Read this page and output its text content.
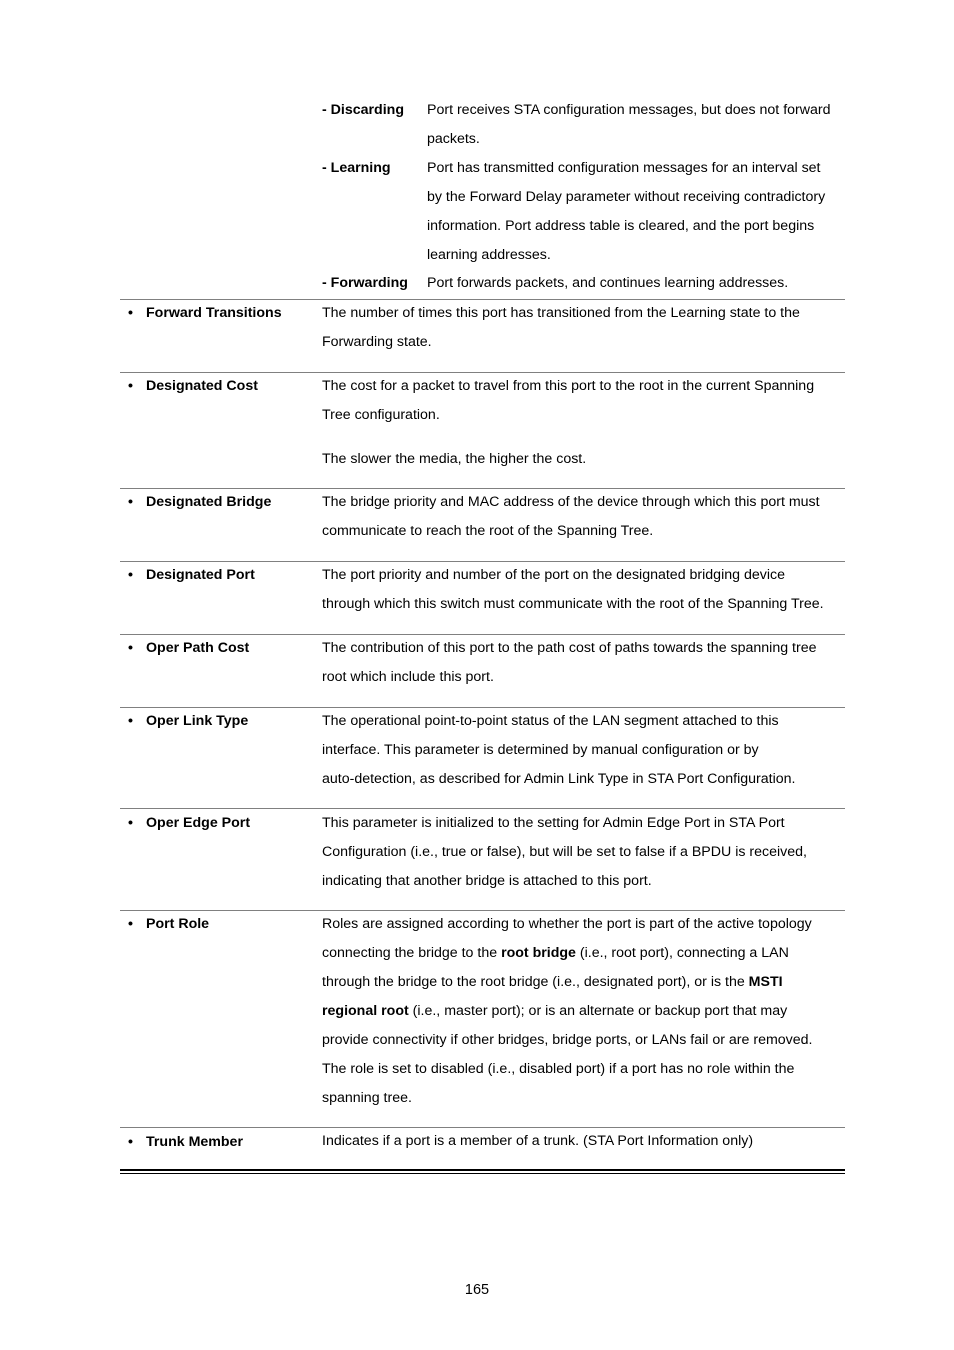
- Discarding Port receives STA configuration messages, but does not forward
packets.
- Learning	Port has transmitted configuration messages for an interval set
by the Forward Delay parameter without receiving contradictory
information. Port address table is cleared, and the port begins
learning addresses.
- Forwarding Port forwards packets, and continues learning addresses.
• Forward Transitions	The number of times this port has transitioned from the Learning state to the
Forwarding state.
• Designated Cost	The cost for a packet to travel from this port to the root in the current Spanning
Tree configuration.
The slower the media, the higher the cost.
• Designated Bridge	The bridge priority and MAC address of the device through which this port must
communicate to reach the root of the Spanning Tree.
• Designated Port	The port priority and number of the port on the designated bridging device
through which this switch must communicate with the root of the Spanning Tree.
• Oper Path Cost	The contribution of this port to the path cost of paths towards the spanning tree
root which include this port.
• Oper Link Type	The operational point-to-point status of the LAN segment attached to this
interface. This parameter is determined by manual configuration or by
auto-detection, as described for Admin Link Type in STA Port Configuration.
• Oper Edge Port	This parameter is initialized to the setting for Admin Edge Port in STA Port
Configuration (i.e., true or false), but will be set to false if a BPDU is received,
indicating that another bridge is attached to this port.
• Port Role	Roles are assigned according to whether the port is part of the active topology
connecting the bridge to the root bridge (i.e., root port), connecting a LAN
through the bridge to the root bridge (i.e., designated port), or is the MSTI
regional root (i.e., master port); or is an alternate or backup port that may
provide connectivity if other bridges, bridge ports, or LANs fail or are removed.
The role is set to disabled (i.e., disabled port) if a port has no role within the
spanning tree.
• Trunk Member	Indicates if a port is a member of a trunk. (STA Port Information only)
165
